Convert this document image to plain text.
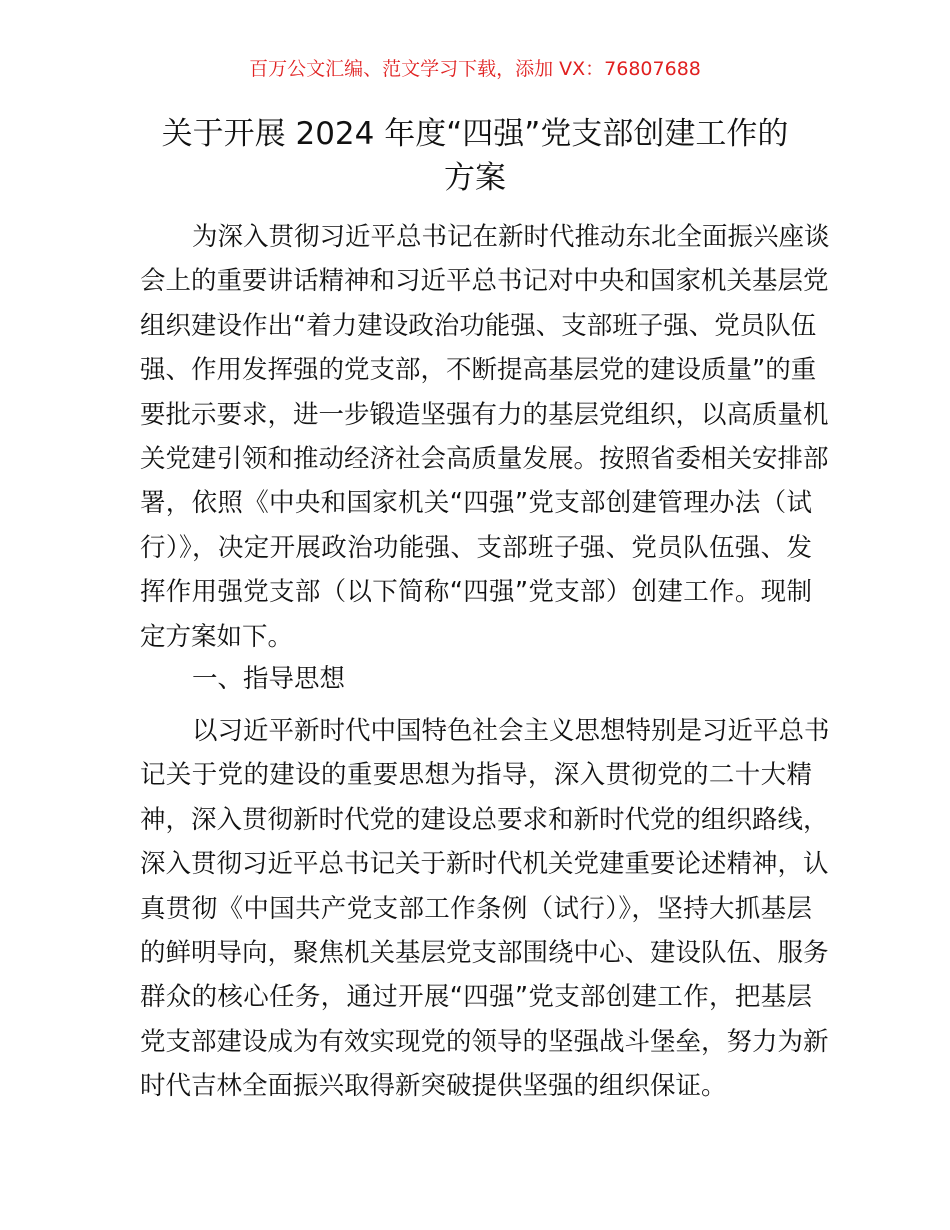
百万公文汇编、范文学习下载，添加 VX：76807688
关于开展 2024 年度“四强”党支部创建工作的
方案
为深入贯彻习近平总书记在新时代推动东北全面振兴座谈
会上的重要讲话精神和习近平总书记对中央和国家机关基层党
组织建设作出“着力建设政治功能强、支部班子强、党员队伍
强、作用发挥强的党支部，不断提高基层党的建设质量”的重
要批示要求，进一步锻造坚强有力的基层党组织，以高质量机
关党建引领和推动经济社会高质量发展。按照省委相关安排部
署，依照《中央和国家机关“四强”党支部创建管理办法（试
行）》，决定开展政治功能强、支部班子强、党员队伍强、发
挥作用强党支部（以下简称“四强”党支部）创建工作。现制
定方案如下。
一、指导思想
以习近平新时代中国特色社会主义思想特别是习近平总书
记关于党的建设的重要思想为指导，深入贯彻党的二十大精
神，深入贯彻新时代党的建设总要求和新时代党的组织路线，
深入贯彻习近平总书记关于新时代机关党建重要论述精神，认
真贯彻《中国共产党支部工作条例（试行）》，坚持大抓基层
的鲜明导向，聚焦机关基层党支部围绕中心、建设队伍、服务
群众的核心任务，通过开展“四强”党支部创建工作，把基层
党支部建设成为有效实现党的领导的坚强战斗堡垒，努力为新
时代吉林全面振兴取得新突破提供坚强的组织保证。
